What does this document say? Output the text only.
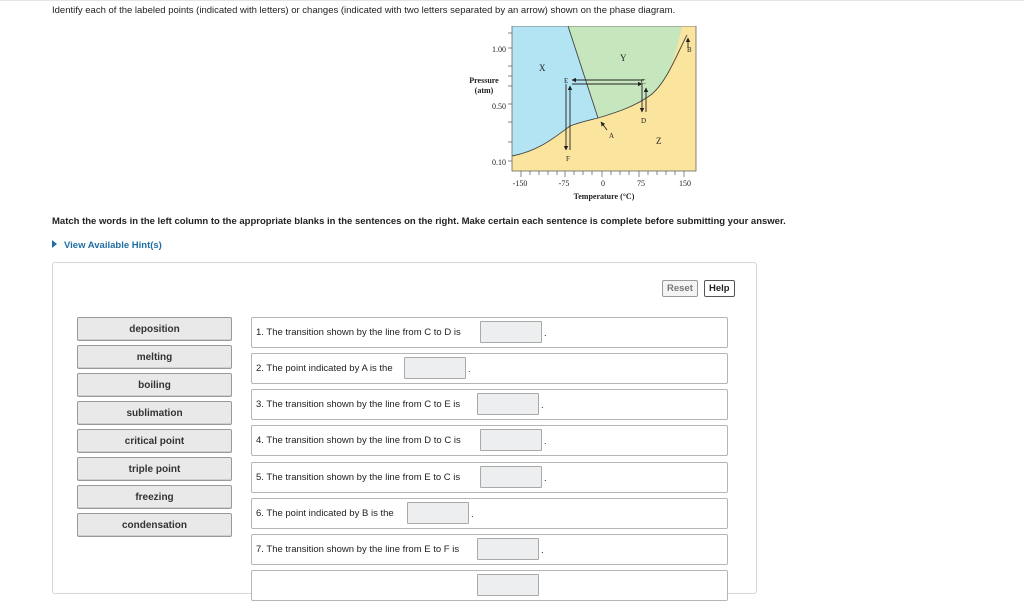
Identify each of the labeled points (indicated with letters) or changes (indicated with two letters separated by an arrow) shown on the phase diagram.
1.00
Pressure
(atm)
0.50
0.10
-150	-75	0	75	150
Temperature (°C)
X
Y
Z
A
B
C
D
E
F
Match the words in the left column to the appropriate blanks in the sentences on the right. Make certain each sentence is complete before submitting your answer.
View Available Hint(s)
Reset	Help
deposition
melting
boiling
sublimation
critical point
triple point
freezing
condensation
1. The transition shown by the line from C to D is	.
2. The point indicated by A is the	.
3. The transition shown by the line from C to E is	.
4. The transition shown by the line from D to C is	.
5. The transition shown by the line from E to C is	.
6. The point indicated by B is the	.
7. The transition shown by the line from E to F is	.
